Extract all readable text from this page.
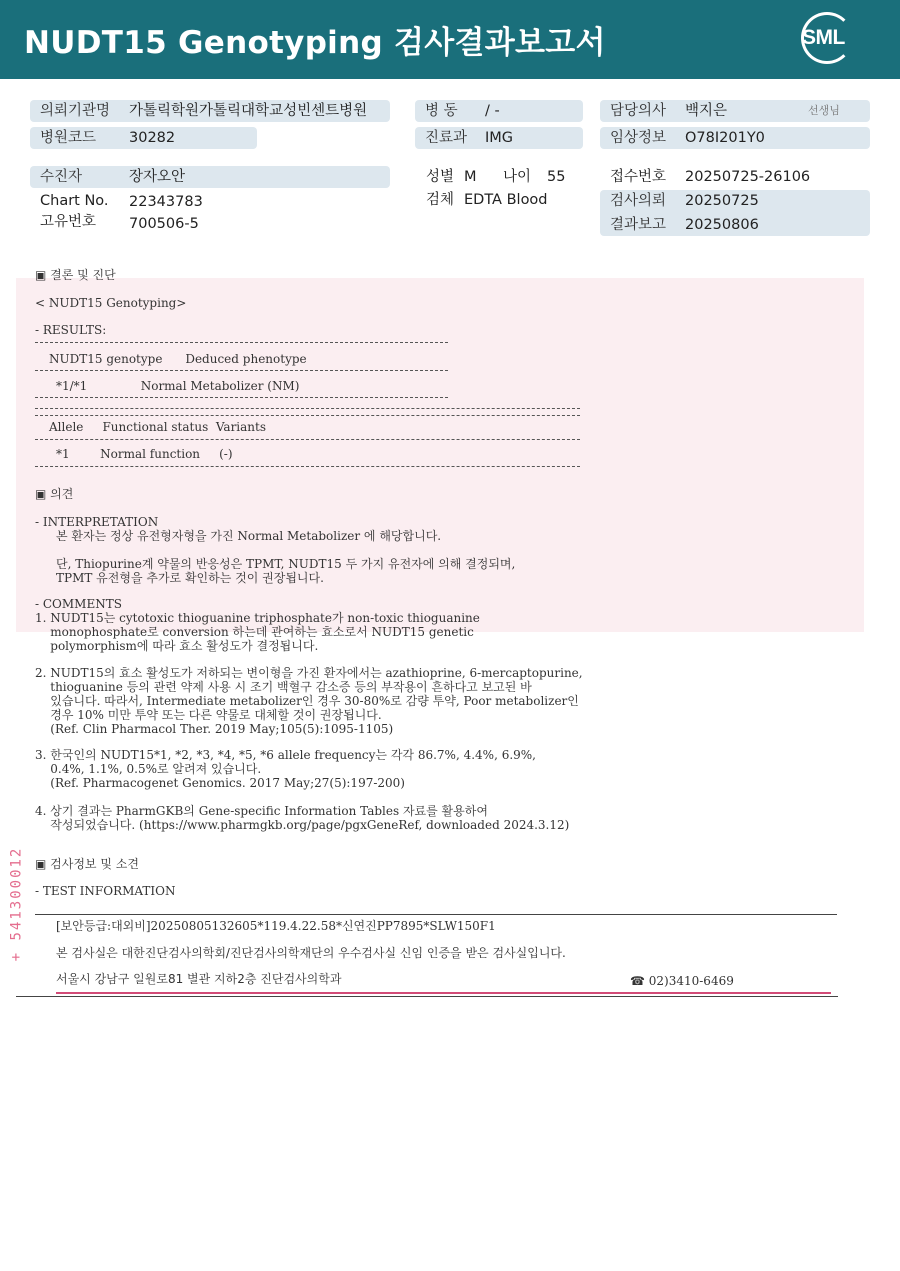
NUDT15 Genotyping 검사결과보고서	SML
의뢰기관명 가톨릭학원가톨릭대학교성빈센트병원
병원코드 30282
수진자	장자오안
Chart No. 22343783
고유번호 700506-5
병 동 / -
진료과 IMG
성별 M 나이 55
검체 EDTA Blood
담당의사 백지은	선생님
임상정보 O78I201Y0
접수번호 20250725-26106
검사의뢰 20250725
결과보고 20250806
▣ 결론 및 진단
< NUDT15 Genotyping>
- RESULTS:
NUDT15 genotype      Deduced phenotype
*1/*1              Normal Metabolizer (NM)
Allele     Functional status  Variants
*1        Normal function     (-)
▣ 의견
- INTERPRETATION
본 환자는 정상 유전형자형을 가진 Normal Metabolizer 에 해당합니다.
단, Thiopurine계 약물의 반응성은 TPMT, NUDT15 두 가지 유전자에 의해 결정되며,
TPMT 유전형을 추가로 확인하는 것이 권장됩니다.
- COMMENTS
1. NUDT15는 cytotoxic thioguanine triphosphate가 non-toxic thioguanine
monophosphate로 conversion 하는데 관여하는 효소로서 NUDT15 genetic
polymorphism에 따라 효소 활성도가 결정됩니다.
2. NUDT15의 효소 활성도가 저하되는 변이형을 가진 환자에서는 azathioprine, 6-mercaptopurine,
thioguanine 등의 관련 약제 사용 시 조기 백혈구 감소증 등의 부작용이 흔하다고 보고된 바
있습니다. 따라서, Intermediate metabolizer인 경우 30-80%로 감량 투약, Poor metabolizer인
경우 10% 미만 투약 또는 다른 약물로 대체할 것이 권장됩니다.
(Ref. Clin Pharmacol Ther. 2019 May;105(5):1095-1105)
3. 한국인의 NUDT15*1, *2, *3, *4, *5, *6 allele frequency는 각각 86.7%, 4.4%, 6.9%,
0.4%, 1.1%, 0.5%로 알려져 있습니다.
(Ref. Pharmacogenet Genomics. 2017 May;27(5):197-200)
4. 상기 결과는 PharmGKB의 Gene-specific Information Tables 자료를 활용하여
작성되었습니다. (https://www.pharmgkb.org/page/pgxGeneRef, downloaded 2024.3.12)
▣ 검사정보 및 소견
- TEST INFORMATION
[보안등급:대외비]20250805132605*119.4.22.58*신연진PP7895*SLW150F1
본 검사실은 대한진단검사의학회/진단검사의학재단의 우수검사실 신임 인증을 받은 검사실입니다.
서울시 강남구 일원로81 별관 지하2층 진단검사의학과	☎ 02)3410-6469
+ 541300012
